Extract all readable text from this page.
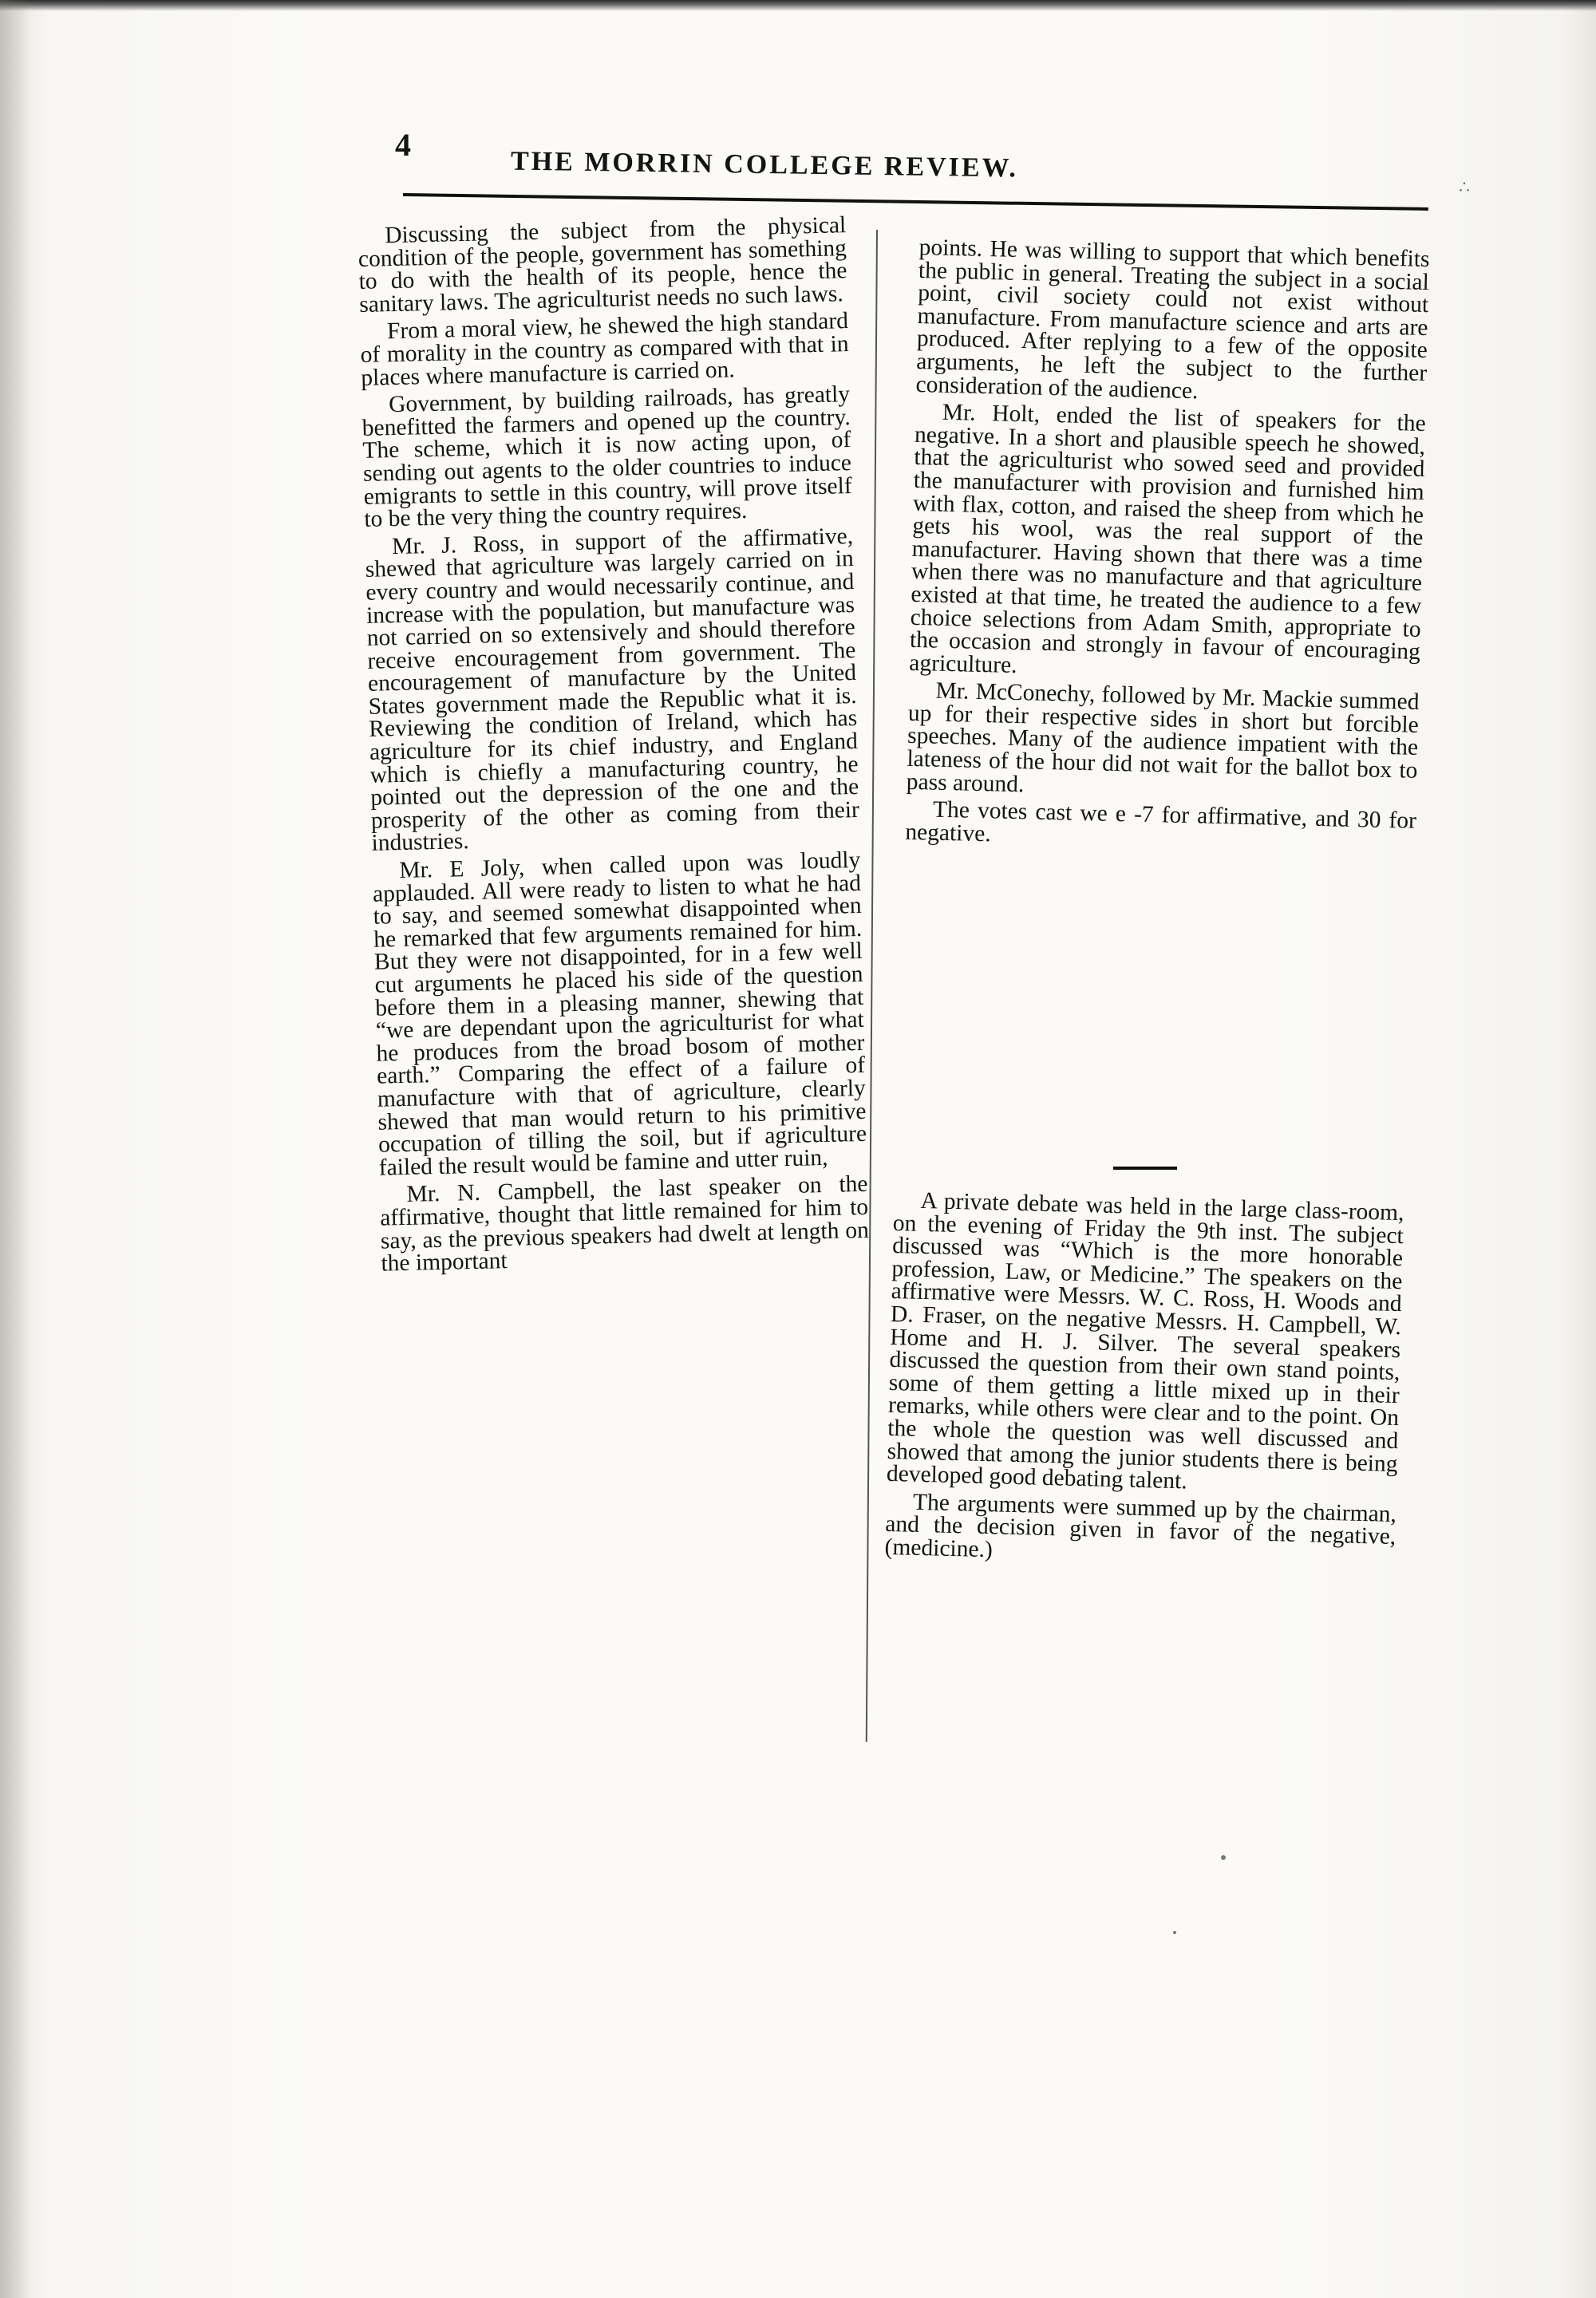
4
THE MORRIN COLLEGE REVIEW.
∴

Discussing the subject from the physical condition of the people, government has something to do with the health of its people, hence the sanitary laws. The agriculturist needs no such laws.

From a moral view, he shewed the high standard of morality in the country as compared with that in places where manufacture is carried on.

Government, by building railroads, has greatly benefitted the farmers and opened up the country. The scheme, which it is now acting upon, of sending out agents to the older countries to induce emigrants to settle in this country, will prove itself to be the very thing the country requires.

Mr. J. Ross, in support of the affirmative, shewed that agriculture was largely carried on in every country and would necessarily continue, and increase with the population, but manufacture was not carried on so extensively and should therefore receive encouragement from government. The encouragement of manufacture by the United States government made the Republic what it is. Reviewing the condition of Ireland, which has agriculture for its chief industry, and England which is chiefly a manufacturing country, he pointed out the depression of the one and the prosperity of the other as coming from their industries.

Mr. E Joly, when called upon was loudly applauded. All were ready to listen to what he had to say, and seemed somewhat disappointed when he remarked that few arguments remained for him. But they were not disappointed, for in a few well cut arguments he placed his side of the question before them in a pleasing manner, shewing that “we are dependant upon the agriculturist for what he produces from the broad bosom of mother earth.” Comparing the effect of a failure of manufacture with that of agriculture, clearly shewed that man would return to his primitive occupation of tilling the soil, but if agriculture failed the result would be famine and utter ruin,

Mr. N. Campbell, the last speaker on the affirmative, thought that little remained for him to say, as the previous speakers had dwelt at length on the important

points. He was willing to support that which benefits the public in general. Treating the subject in a social point, civil society could not exist without manufacture. From manufacture science and arts are produced. After replying to a few of the opposite arguments, he left the subject to the further consideration of the audience.

Mr. Holt, ended the list of speakers for the negative. In a short and plausible speech he showed, that the agriculturist who sowed seed and provided the manufacturer with provision and furnished him with flax, cotton, and raised the sheep from which he gets his wool, was the real support of the manufacturer. Having shown that there was a time when there was no manufacture and that agriculture existed at that time, he treated the audience to a few choice selections from Adam Smith, appropriate to the occasion and strongly in favour of encouraging agriculture.

Mr. McConechy, followed by Mr. Mackie summed up for their respective sides in short but forcible speeches. Many of the audience impatient with the lateness of the hour did not wait for the ballot box to pass around.

The votes cast we e -7 for affirmative, and 30 for negative.

A private debate was held in the large class-room, on the evening of Friday the 9th inst. The subject discussed was “Which is the more honorable profession, Law, or Medicine.” The speakers on the affirmative were Messrs. W. C. Ross, H. Woods and D. Fraser, on the negative Messrs. H. Campbell, W. Home and H. J. Silver. The several speakers discussed the question from their own stand points, some of them getting a little mixed up in their remarks, while others were clear and to the point. On the whole the question was well discussed and showed that among the junior students there is being developed good debating talent.

The arguments were summed up by the chairman, and the decision given in favor of the negative, (medicine.)
